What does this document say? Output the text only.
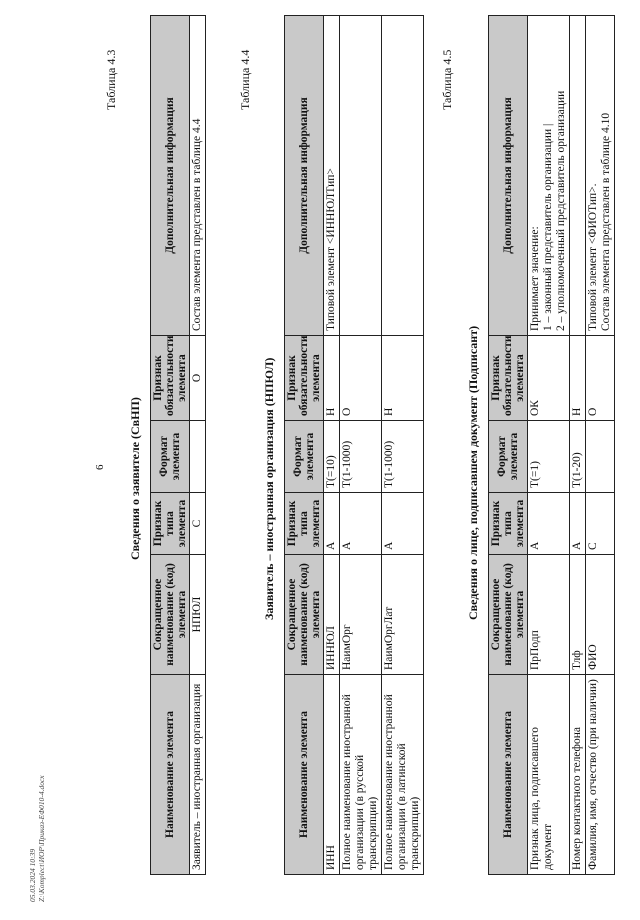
6
Таблица 4.3
Сведения о заявителе (СвНП)
Наименование элемента	Сокращенное наименование (код) элемента	Признак типа элемента	Формат элемента	Признак обязательности элемента	Дополнительная информация
Заявитель – иностранная организация	НПЮЛ	С		О	Состав элемента представлен в таблице 4.4
Таблица 4.4
Заявитель – иностранная организация (НПЮЛ)
Наименование элемента	Сокращенное наименование (код) элемента	Признак типа элемента	Формат элемента	Признак обязательности элемента	Дополнительная информация
ИНН	ИННЮЛ	А	Т(=10)	Н	Типовой элемент <ИННЮЛТип>
Полное наименование иностранной организации (в русской транскрипции)	НаимОрг	А	Т(1-1000)	О	
Полное наименование иностранной организации (в латинской транскрипции)	НаимОргЛат	А	Т(1-1000)	Н	
Таблица 4.5
Сведения о лице, подписавшем документ (Подписант)
Наименование элемента	Сокращенное наименование (код) элемента	Признак типа элемента	Формат элемента	Признак обязательности элемента	Дополнительная информация
Признак лица, подписавшего документ	ПрПодп	А	Т(=1)	ОК	Принимает значение: 1 – законный представитель организации | 2 – уполномоченный представитель организации

Номер контактного телефона	Тлф	А	Т(1-20)	Н	
Фамилия, имя, отчество (при наличии)	ФИО	С		О	Типовой элемент <ФИОТип>. Состав элемента представлен в таблице 4.10
05.03.2024 10:39 Z:\Komplect\ИОР\Приказ-ЕФ010-4.docx
